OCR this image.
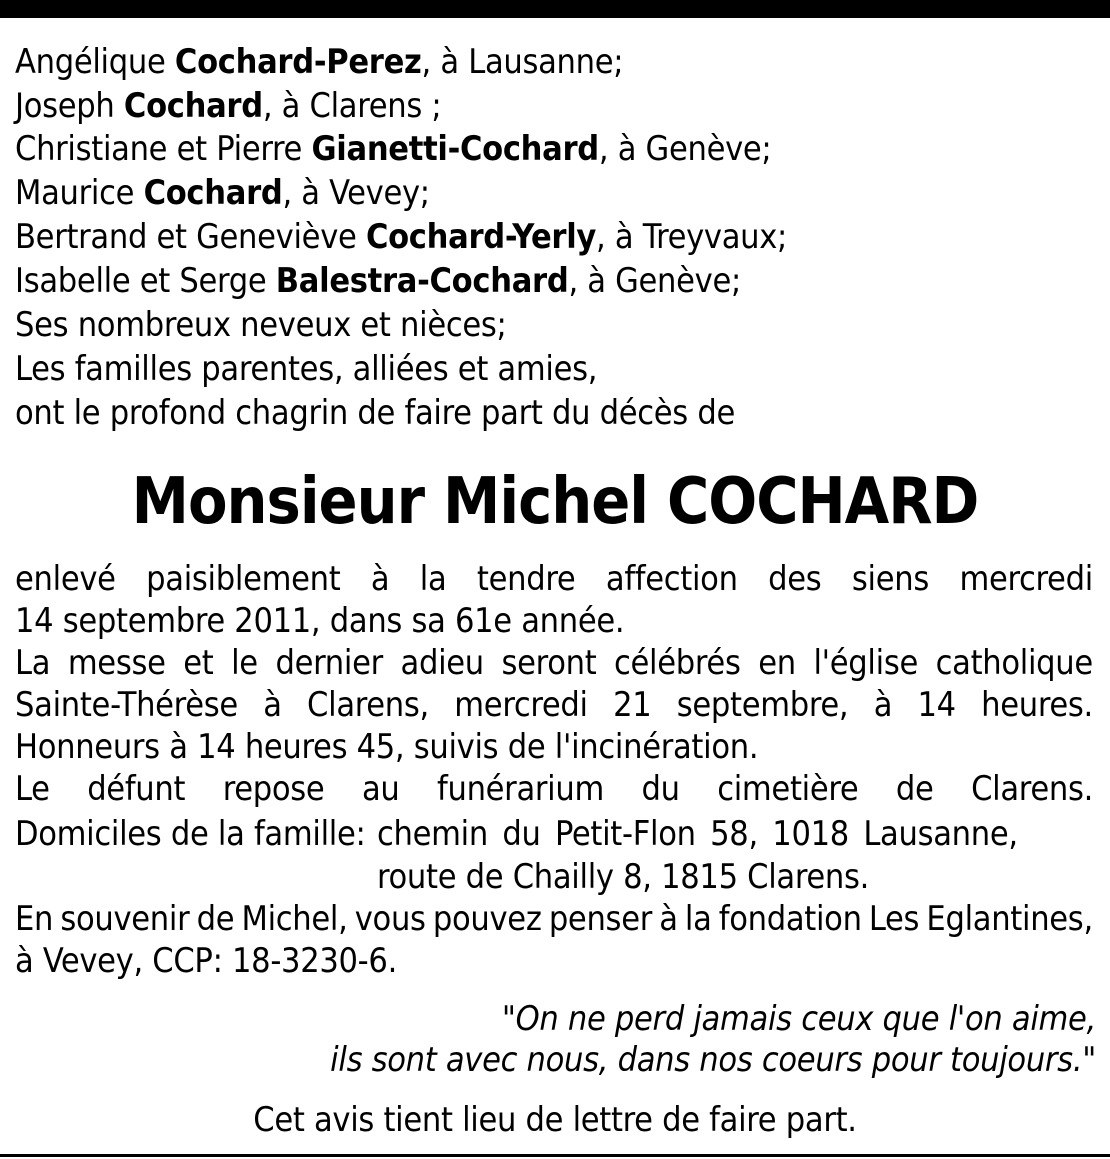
Angélique Cochard-Perez, à Lausanne;
Joseph Cochard, à Clarens ;
Christiane et Pierre Gianetti-Cochard, à Genève;
Maurice Cochard, à Vevey;
Bertrand et Geneviève Cochard-Yerly, à Treyvaux;
Isabelle et Serge Balestra-Cochard, à Genève;
Ses nombreux neveux et nièces;
Les familles parentes, alliées et amies,
ont le profond chagrin de faire part du décès de
Monsieur Michel COCHARD
enlevé paisiblement à la tendre affection des siens mercredi
14 septembre 2011, dans sa 61e année.
La messe et le dernier adieu seront célébrés en l'église catholique
Sainte-Thérèse à Clarens, mercredi 21 septembre, à 14 heures.
Honneurs à 14 heures 45, suivis de l'incinération.
Le défunt repose au funérarium du cimetière de Clarens.
Domiciles de la famille: chemin du Petit-Flon 58, 1018 Lausanne,
route de Chailly 8, 1815 Clarens.
En souvenir de Michel, vous pouvez penser à la fondation Les Eglantines,
à Vevey, CCP: 18-3230-6.
"On ne perd jamais ceux que l'on aime,
ils sont avec nous, dans nos coeurs pour toujours."
Cet avis tient lieu de lettre de faire part.
